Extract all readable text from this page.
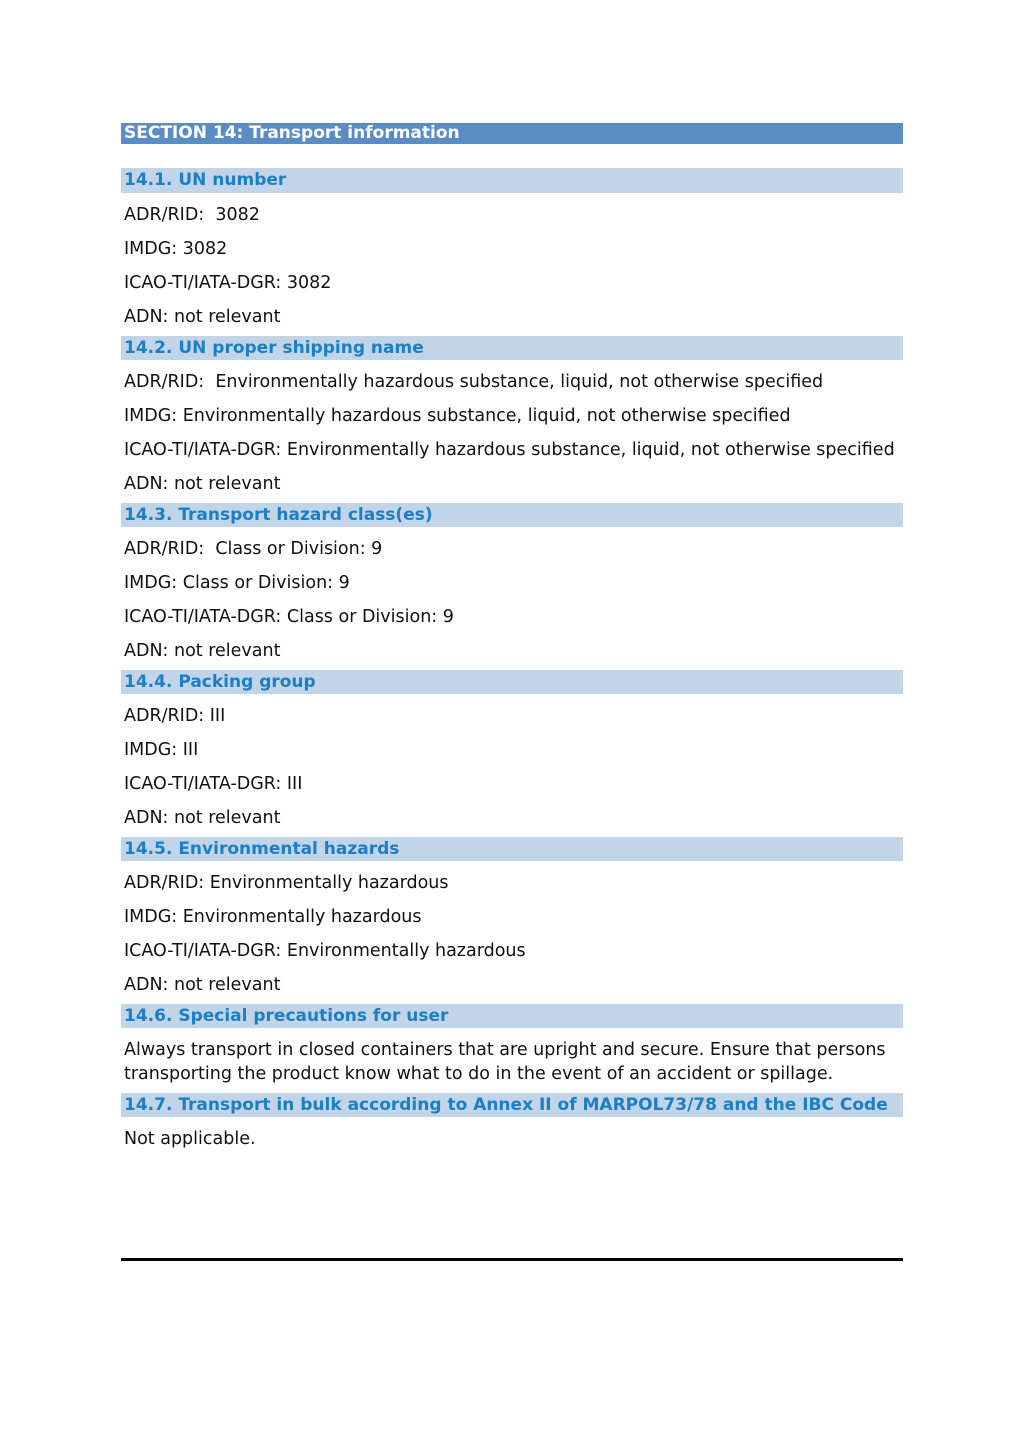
SECTION 14: Transport information
14.1. UN number
ADR/RID:  3082
IMDG: 3082
ICAO-TI/IATA-DGR: 3082
ADN: not relevant
14.2. UN proper shipping name
ADR/RID:  Environmentally hazardous substance, liquid, not otherwise specified
IMDG: Environmentally hazardous substance, liquid, not otherwise specified
ICAO-TI/IATA-DGR: Environmentally hazardous substance, liquid, not otherwise specified
ADN: not relevant
14.3. Transport hazard class(es)
ADR/RID:  Class or Division: 9
IMDG: Class or Division: 9
ICAO-TI/IATA-DGR: Class or Division: 9
ADN: not relevant
14.4. Packing group
ADR/RID: III
IMDG: III
ICAO-TI/IATA-DGR: III
ADN: not relevant
14.5. Environmental hazards
ADR/RID: Environmentally hazardous
IMDG: Environmentally hazardous
ICAO-TI/IATA-DGR: Environmentally hazardous
ADN: not relevant
14.6. Special precautions for user
Always transport in closed containers that are upright and secure. Ensure that persons transporting the product know what to do in the event of an accident or spillage.
14.7. Transport in bulk according to Annex II of MARPOL73/78 and the IBC Code
Not applicable.
